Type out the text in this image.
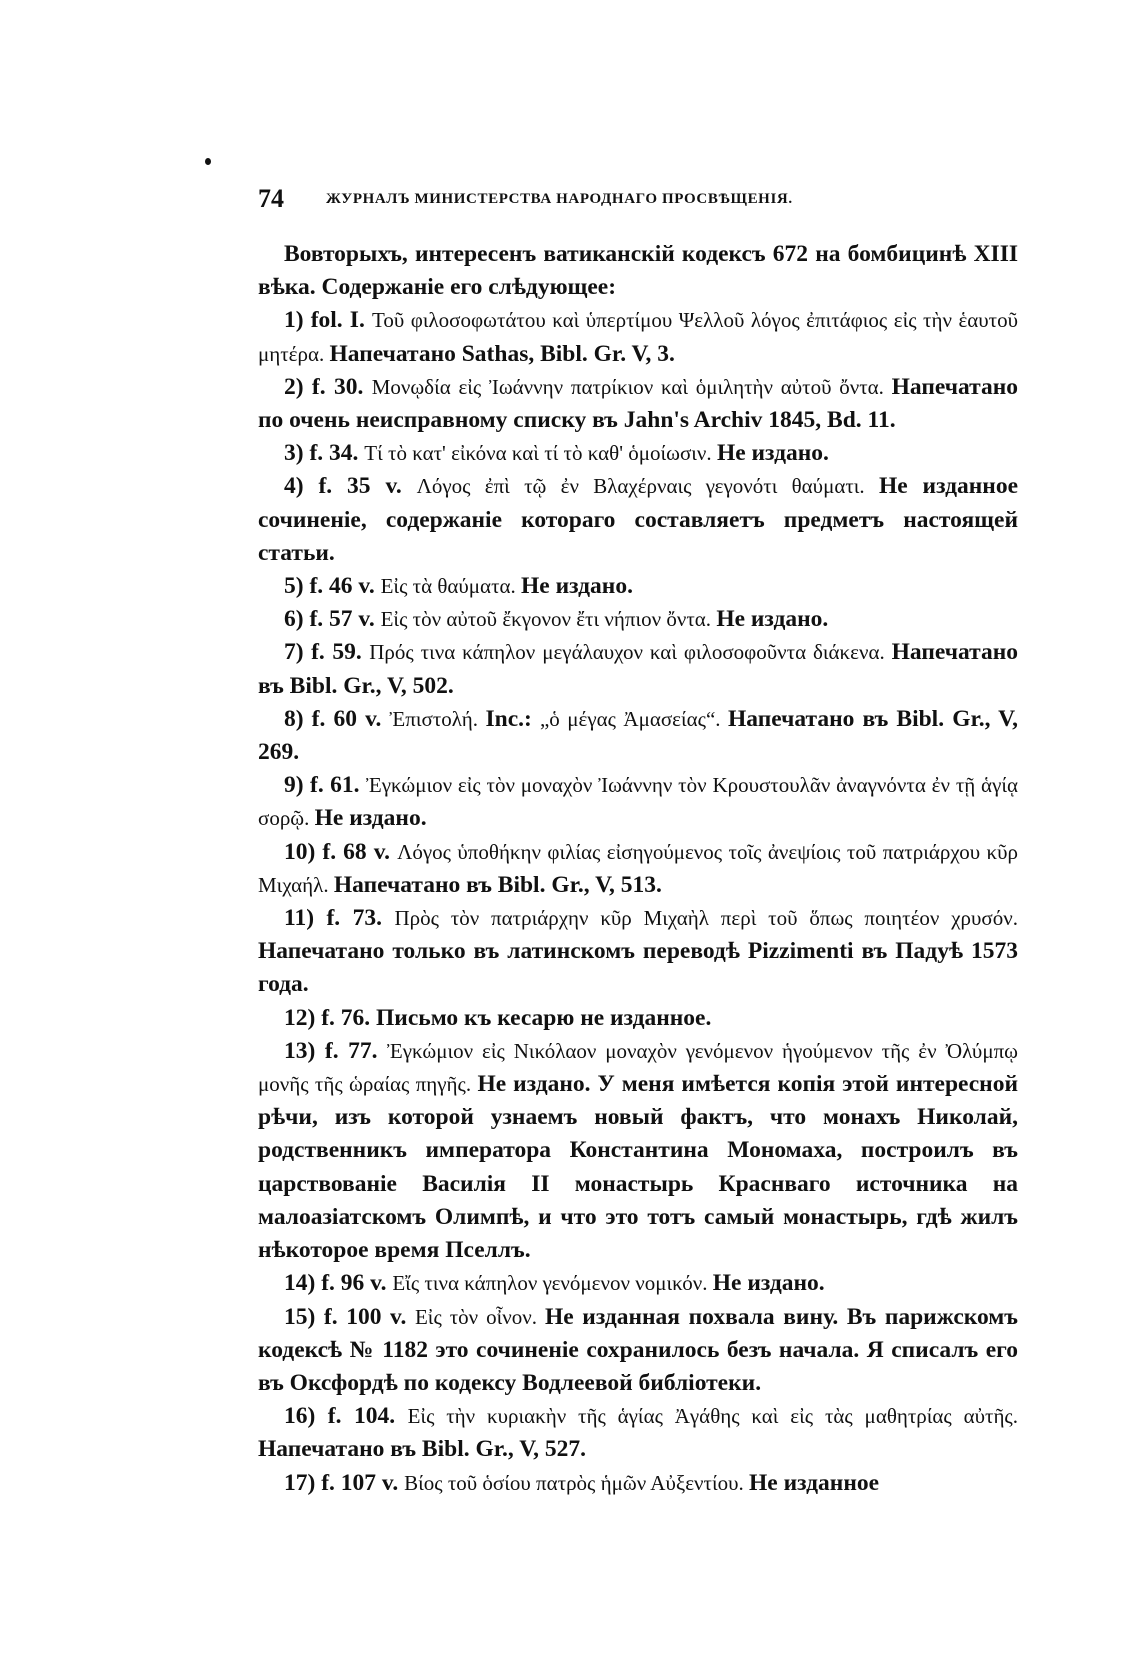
74	ЖУРНАЛЪ МИНИСТЕРСТВА НАРОДНАГО ПРОСВѢЩЕНІЯ.

Вовторыхъ, интересенъ ватиканскій кодексъ 672 на бомбицинѣ XIII вѣка. Содержаніе его слѣдующее:

1) fol. I. Τοῦ φιλοσοφωτάτου καὶ ὑπερτίμου Ψελλοῦ λόγος ἐπιτάφιος εἰς τὴν ἑαυτοῦ μητέρα. Напечатано Sathas, Bibl. Gr. V, 3.

2) f. 30. Μονῳδία εἰς Ἰωάννην πατρίκιον καὶ ὁμιλητὴν αὐτοῦ ὄντα. Напечатано по очень неисправному списку въ Jahn's Archiv 1845, Bd. 11.

3) f. 34. Τί τὸ κατ' εἰκόνα καὶ τί τὸ καθ' ὁμοίωσιν. Не издано.

4) f. 35 v. Λόγος ἐπὶ τῷ ἐν Βλαχέρναις γεγονότι θαύματι. Не изданное сочиненіе, содержаніе котораго составляетъ предметъ настоящей статьи.

5) f. 46 v. Εἰς τὰ θαύματα. Не издано.

6) f. 57 v. Εἰς τὸν αὐτοῦ ἔκγονον ἔτι νήπιον ὄντα. Не издано.

7) f. 59. Πρός τινα κάπηλον μεγάλαυχον καὶ φιλοσοφοῦντα διάκενα. Напечатано въ Bibl. Gr., V, 502.

8) f. 60 v. Ἐπιστολή. Inc.: „ὁ μέγας Ἀμασείας“. Напечатано въ Bibl. Gr., V, 269.

9) f. 61. Ἐγκώμιον εἰς τὸν μοναχὸν Ἰωάννην τὸν Κρουστουλᾶν ἀναγνόντα ἐν τῇ ἁγίᾳ σορῷ. Не издано.

10) f. 68 v. Λόγος ὑποθήκην φιλίας εἰσηγούμενος τοῖς ἀνεψίοις τοῦ πατριάρχου κῦρ Μιχαήλ. Напечатано въ Bibl. Gr., V, 513.

11) f. 73. Πρὸς τὸν πατριάρχην κῦρ Μιχαὴλ περὶ τοῦ ὅπως ποιητέον χρυσόν. Напечатано только въ латинскомъ переводѣ Pizzimenti въ Падуѣ 1573 года.

12) f. 76. Письмо къ кесарю не изданное.

13) f. 77. Ἐγκώμιον εἰς Νικόλαον μοναχὸν γενόμενον ἡγούμενον τῆς ἐν Ὀλύμπῳ μονῆς τῆς ὡραίας πηγῆς. Не издано. У меня имѣется копія этой интересной рѣчи, изъ которой узнаемъ новый фактъ, что монахъ Николай, родственникъ императора Константина Мономаха, построилъ въ царствованіе Василія II монастырь Краснваго источника на малоазіатскомъ Олимпѣ, и что это тотъ самый монастырь, гдѣ жилъ нѣкоторое время Пселлъ.

14) f. 96 v. Εἴς τινα κάπηλον γενόμενον νομικόν. Не издано.

15) f. 100 v. Εἰς τὸν οἶνον. Не изданная похвала вину. Въ парижскомъ кодексѣ № 1182 это сочиненіе сохранилось безъ начала. Я списалъ его въ Оксфордѣ по кодексу Водлеевой библіотеки.

16) f. 104. Εἰς τὴν κυριακὴν τῆς ἁγίας Ἀγάθης καὶ εἰς τὰς μαθητρίας αὐτῆς. Напечатано въ Bibl. Gr., V, 527.

17) f. 107 v. Βίος τοῦ ὁσίου πατρὸς ἡμῶν Αὐξεντίου. Не изданное
